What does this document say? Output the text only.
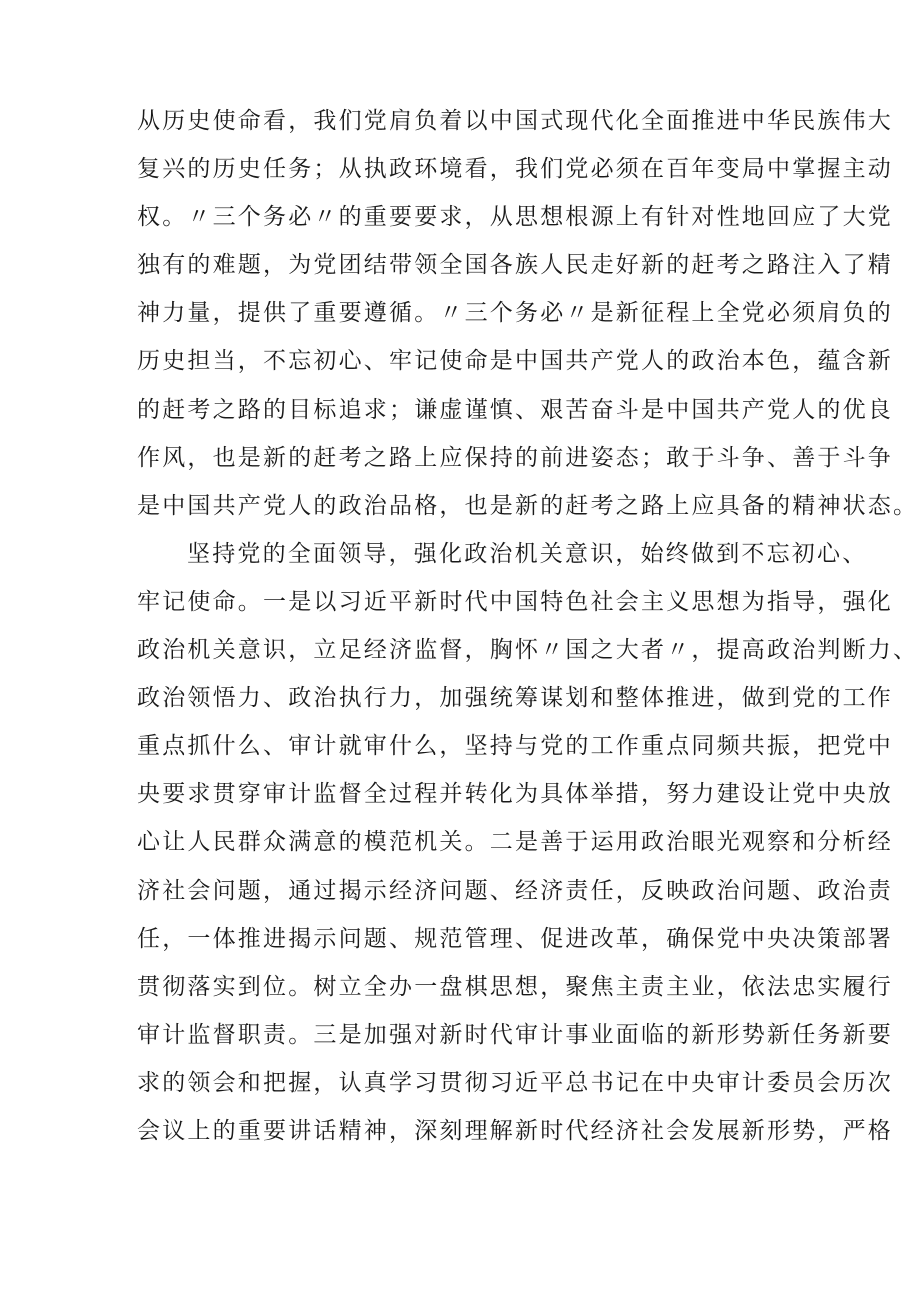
从历史使命看，我们党肩负着以中国式现代化全面推进中华民族伟大
复兴的历史任务；从执政环境看，我们党必须在百年变局中掌握主动
权。〃三个务必〃的重要要求，从思想根源上有针对性地回应了大党
独有的难题，为党团结带领全国各族人民走好新的赶考之路注入了精
神力量，提供了重要遵循。〃三个务必〃是新征程上全党必须肩负的
历史担当，不忘初心、牢记使命是中国共产党人的政治本色，蕴含新
的赶考之路的目标追求；谦虚谨慎、艰苦奋斗是中国共产党人的优良
作风，也是新的赶考之路上应保持的前进姿态；敢于斗争、善于斗争
是中国共产党人的政治品格，也是新的赶考之路上应具备的精神状态。
坚持党的全面领导，强化政治机关意识，始终做到不忘初心、
牢记使命。一是以习近平新时代中国特色社会主义思想为指导，强化
政治机关意识，立足经济监督，胸怀〃国之大者〃，提高政治判断力、
政治领悟力、政治执行力，加强统筹谋划和整体推进，做到党的工作
重点抓什么、审计就审什么，坚持与党的工作重点同频共振，把党中
央要求贯穿审计监督全过程并转化为具体举措，努力建设让党中央放
心让人民群众满意的模范机关。二是善于运用政治眼光观察和分析经
济社会问题，通过揭示经济问题、经济责任，反映政治问题、政治责
任，一体推进揭示问题、规范管理、促进改革，确保党中央决策部署
贯彻落实到位。树立全办一盘棋思想，聚焦主责主业，依法忠实履行
审计监督职责。三是加强对新时代审计事业面临的新形势新任务新要
求的领会和把握，认真学习贯彻习近平总书记在中央审计委员会历次
会议上的重要讲话精神，深刻理解新时代经济社会发展新形势，严格
